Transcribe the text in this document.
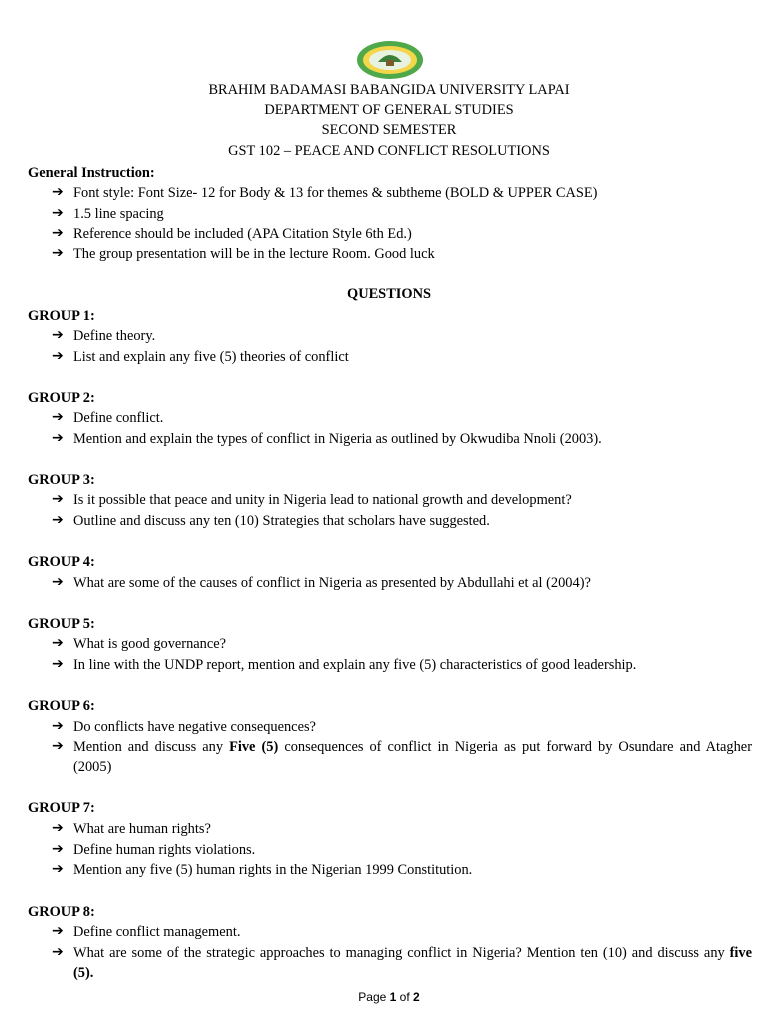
BRAHIM BADAMASI BABANGIDA UNIVERSITY LAPAI
DEPARTMENT OF GENERAL STUDIES
SECOND SEMESTER
GST 102 – PEACE AND CONFLICT RESOLUTIONS
General Instruction:
➔ Font style: Font Size- 12 for Body & 13 for themes & subtheme (BOLD & UPPER CASE)
➔ 1.5 line spacing
➔ Reference should be included (APA Citation Style 6th Ed.)
➔ The group presentation will be in the lecture Room. Good luck
QUESTIONS
GROUP 1:
➔ Define theory.
➔ List and explain any five (5) theories of conflict
GROUP 2:
➔ Define conflict.
➔ Mention and explain the types of conflict in Nigeria as outlined by Okwudiba Nnoli (2003).
GROUP 3:
➔ Is it possible that peace and unity in Nigeria lead to national growth and development?
➔ Outline and discuss any ten (10) Strategies that scholars have suggested.
GROUP 4:
➔ What are some of the causes of conflict in Nigeria as presented by Abdullahi et al (2004)?
GROUP 5:
➔ What is good governance?
➔ In line with the UNDP report, mention and explain any five (5) characteristics of good leadership.
GROUP 6:
➔ Do conflicts have negative consequences?
➔ Mention and discuss any Five (5) consequences of conflict in Nigeria as put forward by Osundare and Atagher (2005)
GROUP 7:
➔ What are human rights?
➔ Define human rights violations.
➔ Mention any five (5) human rights in the Nigerian 1999 Constitution.
GROUP 8:
➔ Define conflict management.
➔ What are some of the strategic approaches to managing conflict in Nigeria? Mention ten (10) and discuss any five (5).
Page 1 of 2
